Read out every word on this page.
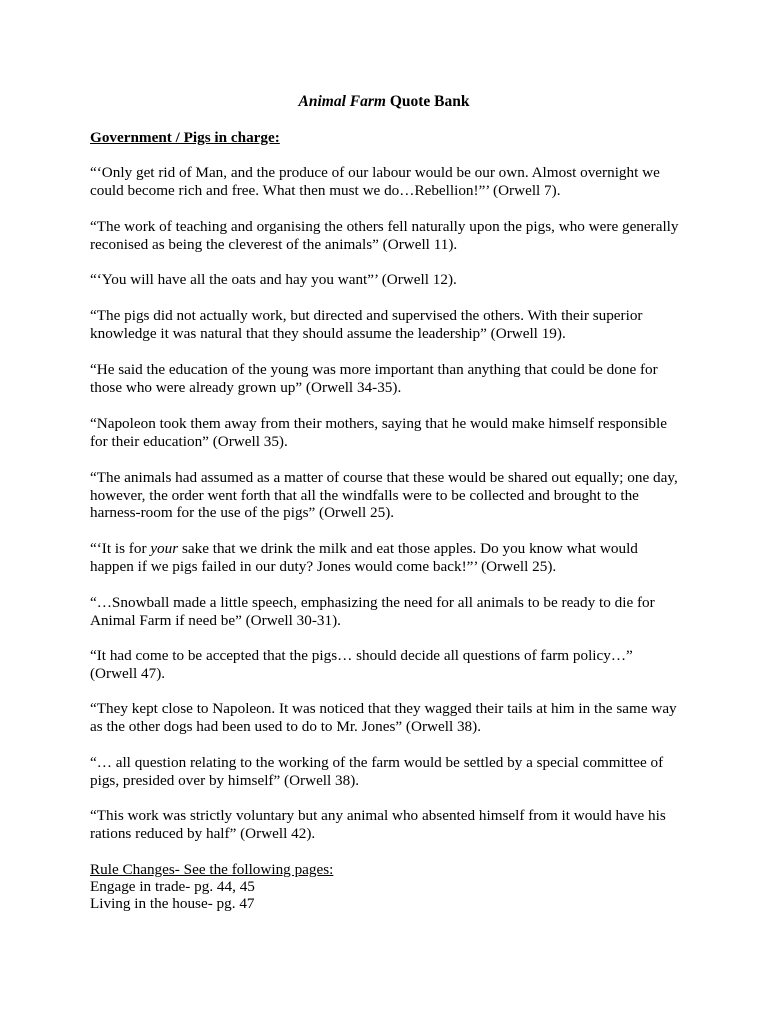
Animal Farm Quote Bank
Government / Pigs in charge:

“‘Only get rid of Man, and the produce of our labour would be our own. Almost overnight we
could become rich and free. What then must we do…Rebellion!”’ (Orwell 7).

“The work of teaching and organising the others fell naturally upon the pigs, who were generally
reconised as being the cleverest of the animals” (Orwell 11).

“‘You will have all the oats and hay you want”’ (Orwell 12).

“The pigs did not actually work, but directed and supervised the others. With their superior
knowledge it was natural that they should assume the leadership” (Orwell 19).

“He said the education of the young was more important than anything that could be done for
those who were already grown up” (Orwell 34-35).

“Napoleon took them away from their mothers, saying that he would make himself responsible
for their education” (Orwell 35).

“The animals had assumed as a matter of course that these would be shared out equally; one day,
however, the order went forth that all the windfalls were to be collected and brought to the
harness-room for the use of the pigs” (Orwell 25).

“‘It is for your sake that we drink the milk and eat those apples. Do you know what would
happen if we pigs failed in our duty? Jones would come back!”’ (Orwell 25).

“…Snowball made a little speech, emphasizing the need for all animals to be ready to die for
Animal Farm if need be” (Orwell 30-31).

“It had come to be accepted that the pigs… should decide all questions of farm policy…”
(Orwell 47).

“They kept close to Napoleon. It was noticed that they wagged their tails at him in the same way
as the other dogs had been used to do to Mr. Jones” (Orwell 38).

“… all question relating to the working of the farm would be settled by a special committee of
pigs, presided over by himself” (Orwell 38).

“This work was strictly voluntary but any animal who absented himself from it would have his
rations reduced by half” (Orwell 42).

Rule Changes- See the following pages:
Engage in trade- pg. 44, 45
Living in the house- pg. 47
